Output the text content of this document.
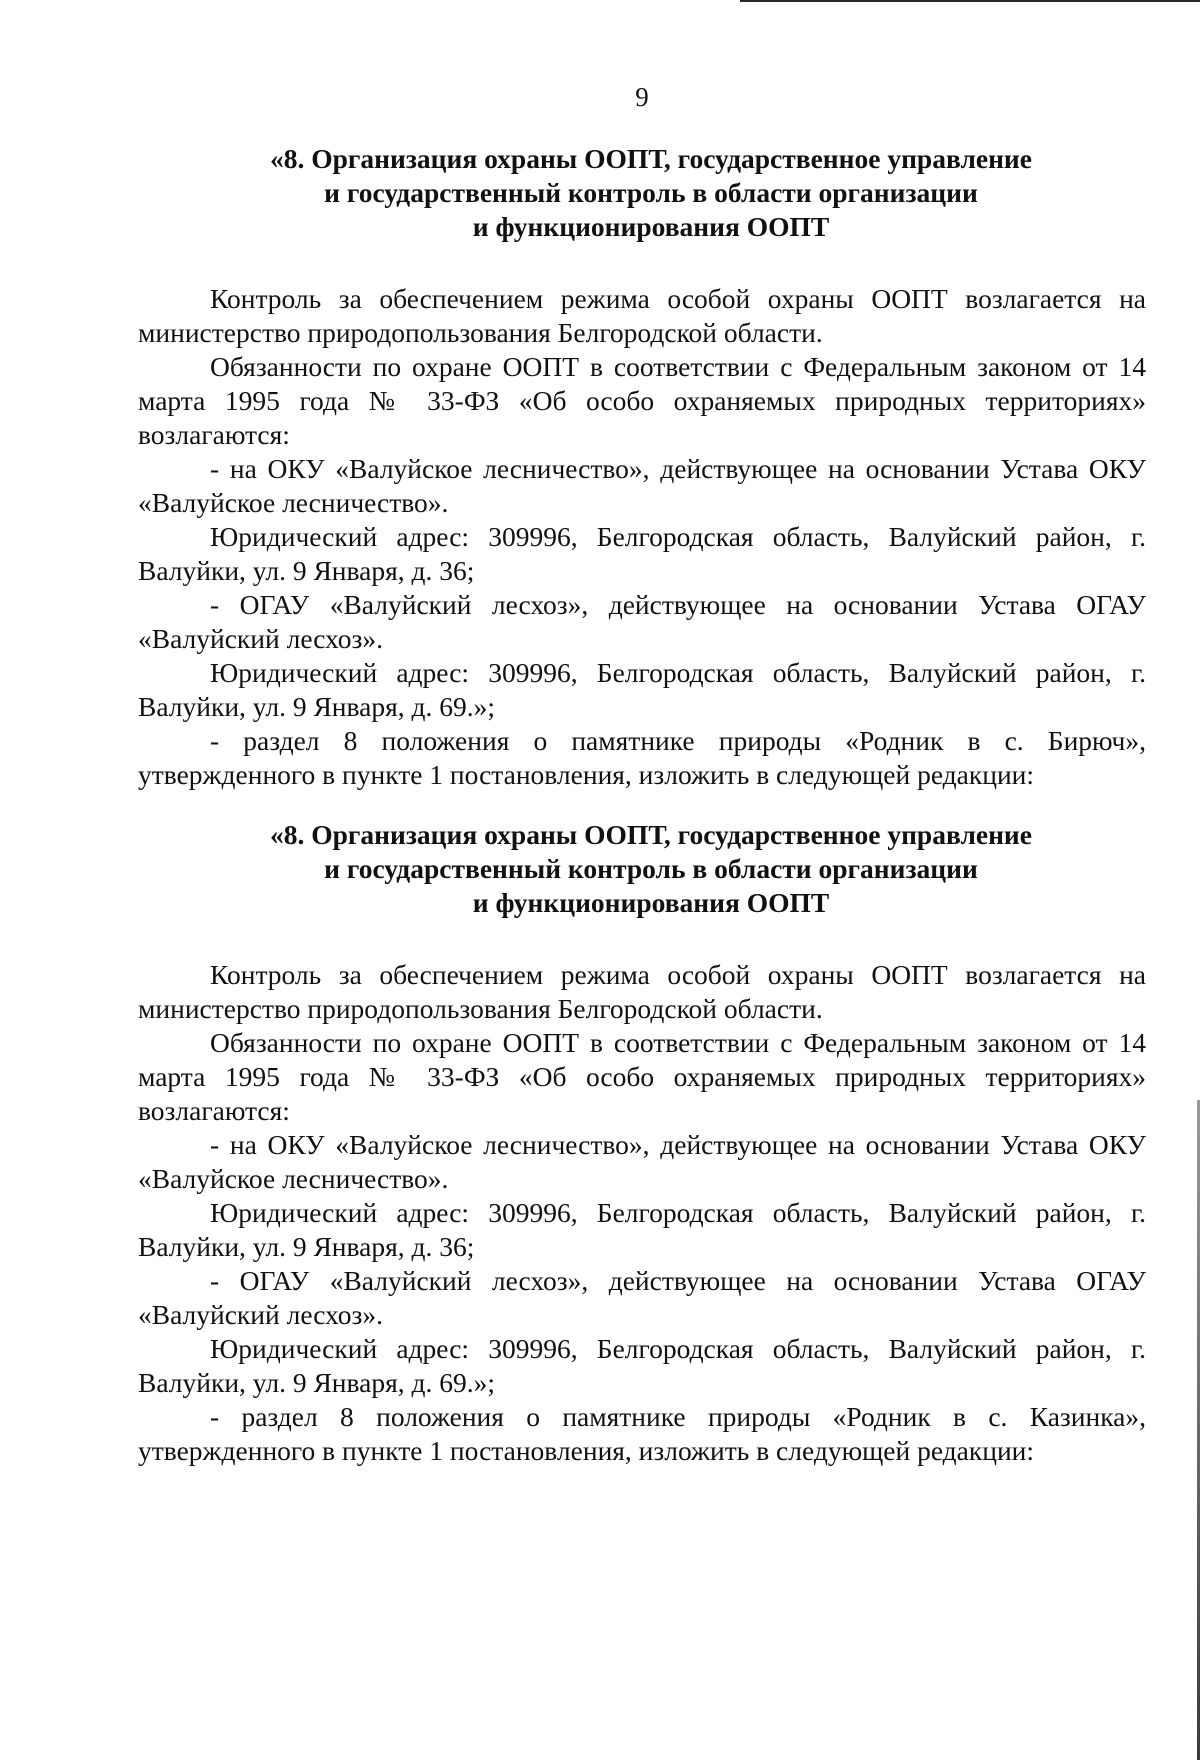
9
«8. Организация охраны ООПТ, государственное управление
и государственный контроль в области организации
и функционирования ООПТ

Контроль за обеспечением режима особой охраны ООПТ возлагается на министерство природопользования Белгородской области.

Обязанности по охране ООПТ в соответствии с Федеральным законом от 14 марта 1995 года № 33-ФЗ «Об особо охраняемых природных территориях» возлагаются:

- на ОКУ «Валуйское лесничество», действующее на основании Устава ОКУ «Валуйское лесничество».

Юридический адрес: 309996, Белгородская область, Валуйский район, г. Валуйки, ул. 9 Января, д. 36;

- ОГАУ «Валуйский лесхоз», действующее на основании Устава ОГАУ «Валуйский лесхоз».

Юридический адрес: 309996, Белгородская область, Валуйский район, г. Валуйки, ул. 9 Января, д. 69.»;

- раздел 8 положения о памятнике природы «Родник в с. Бирюч», утвержденного в пункте 1 постановления, изложить в следующей редакции:

«8. Организация охраны ООПТ, государственное управление
и государственный контроль в области организации
и функционирования ООПТ

Контроль за обеспечением режима особой охраны ООПТ возлагается на министерство природопользования Белгородской области.

Обязанности по охране ООПТ в соответствии с Федеральным законом от 14 марта 1995 года № 33-ФЗ «Об особо охраняемых природных территориях» возлагаются:

- на ОКУ «Валуйское лесничество», действующее на основании Устава ОКУ «Валуйское лесничество».

Юридический адрес: 309996, Белгородская область, Валуйский район, г. Валуйки, ул. 9 Января, д. 36;

- ОГАУ «Валуйский лесхоз», действующее на основании Устава ОГАУ «Валуйский лесхоз».

Юридический адрес: 309996, Белгородская область, Валуйский район, г. Валуйки, ул. 9 Января, д. 69.»;

- раздел 8 положения о памятнике природы «Родник в с. Казинка», утвержденного в пункте 1 постановления, изложить в следующей редакции:
